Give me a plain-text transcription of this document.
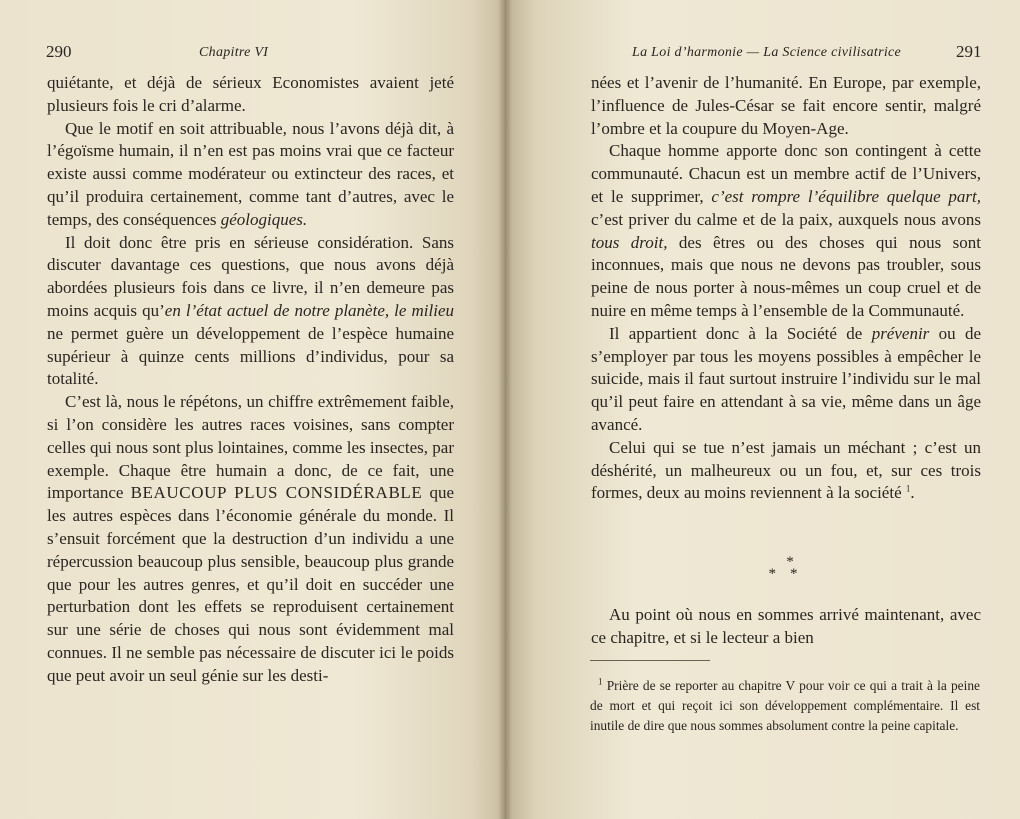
290	Chapitre VI

quiétante, et déjà de sérieux Economistes avaient jeté plusieurs fois le cri d’alarme.

Que le motif en soit attribuable, nous l’avons déjà dit, à l’égoïsme humain, il n’en est pas moins vrai que ce facteur existe aussi comme modérateur ou extincteur des races, et qu’il produira certainement, comme tant d’autres, avec le temps, des conséquences géologiques.

Il doit donc être pris en sérieuse considération. Sans discuter davantage ces questions, que nous avons déjà abordées plusieurs fois dans ce livre, il n’en demeure pas moins acquis qu’en l’état actuel de notre planète, le milieu ne permet guère un développement de l’espèce humaine supérieur à quinze cents millions d’individus, pour sa totalité.

C’est là, nous le répétons, un chiffre extrêmement faible, si l’on considère les autres races voisines, sans compter celles qui nous sont plus lointaines, comme les insectes, par exemple. Chaque être humain a donc, de ce fait, une importance BEAUCOUP PLUS CONSIDÉRABLE que les autres espèces dans l’économie générale du monde. Il s’ensuit forcément que la destruction d’un individu a une répercussion beaucoup plus sensible, beaucoup plus grande que pour les autres genres, et qu’il doit en succéder une perturbation dont les effets se reproduisent certainement sur une série de choses qui nous sont évidemment mal connues. Il ne semble pas nécessaire de discuter ici le poids que peut avoir un seul génie sur les desti-

La Loi d’harmonie — La Science civilisatrice	291

nées et l’avenir de l’humanité. En Europe, par exemple, l’influence de Jules-César se fait encore sentir, malgré l’ombre et la coupure du Moyen-Age.

Chaque homme apporte donc son contingent à cette communauté. Chacun est un membre actif de l’Univers, et le supprimer, c’est rompre l’équilibre quelque part, c’est priver du calme et de la paix, auxquels nous avons tous droit, des êtres ou des choses qui nous sont inconnues, mais que nous ne devons pas troubler, sous peine de nous porter à nous-mêmes un coup cruel et de nuire en même temps à l’ensemble de la Communauté.

Il appartient donc à la Société de prévenir ou de s’employer par tous les moyens possibles à empêcher le suicide, mais il faut surtout instruire l’individu sur le mal qu’il peut faire en attendant à sa vie, même dans un âge avancé.

Celui qui se tue n’est jamais un méchant ; c’est un déshérité, un malheureux ou un fou, et, sur ces trois formes, deux au moins reviennent à la société $^1$.

*
**

Au point où nous en sommes arrivé maintenant, avec ce chapitre, et si le lecteur a bien

$^1$ Prière de se reporter au chapitre V pour voir ce qui a trait à la peine de mort et qui reçoit ici son développement complémentaire. Il est inutile de dire que nous sommes absolument contre la peine capitale.
